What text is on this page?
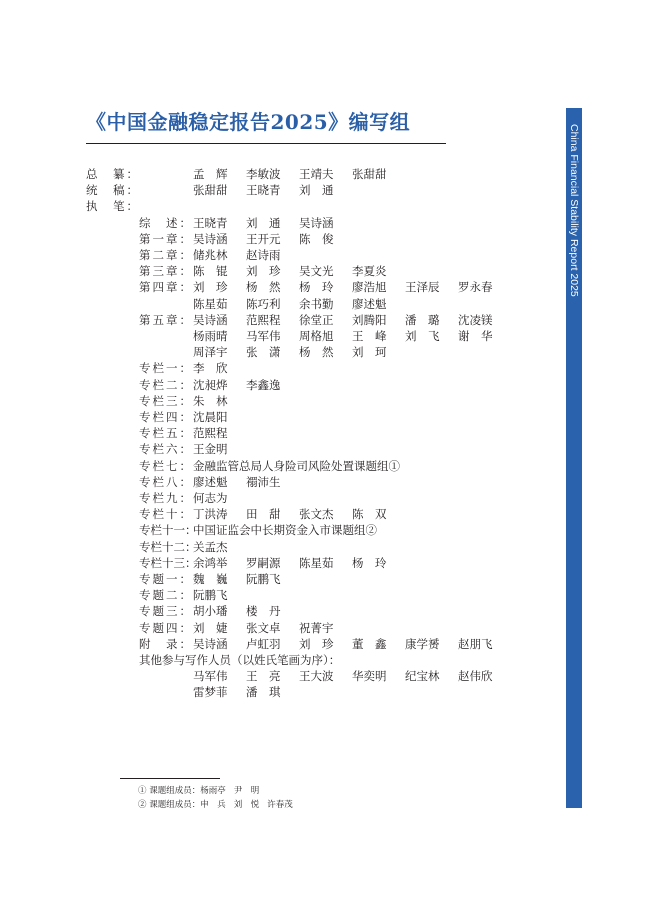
《中国金融稳定报告2025》编写组
China Financial Stability Report 2025
总　纂：	孟　辉 李敏波 王靖夫 张甜甜
统　稿：	张甜甜 王晓青 刘　通
执　笔：
综　述： 王晓青 刘　通 吴诗涵
第一章： 吴诗涵 王开元 陈　俊
第二章： 储兆林 赵诗雨
第三章： 陈　锟 刘　珍 吴文光 李夏炎
第四章： 刘　珍 杨　然 杨　玲 廖浩旭 王泽辰 罗永春
陈星茹 陈巧利 余书勤 廖述魁
第五章： 吴诗涵 范熙程 徐堂正 刘腾阳 潘　璐 沈凌镁
杨雨晴 马军伟 周格旭 王　峰 刘　飞 谢　华
周泽宇 张　潇 杨　然 刘　珂
专栏一： 李　欣
专栏二： 沈昶烨 李鑫逸
专栏三： 朱　林
专栏四： 沈晨阳
专栏五： 范熙程
专栏六： 王金明
专栏七： 金融监管总局人身险司风险处置课题组①
专栏八： 廖述魁 禤沛生
专栏九： 何志为
专栏十： 丁洪涛 田　甜 张文杰 陈　双
专栏十一：
中国证监会中长期资金入市课题组②
专栏十二：
关孟杰
专栏十三：
余鸿举 罗嗣源 陈星茹 杨　玲
专题一： 魏　巍 阮鹏飞
专题二： 阮鹏飞
专题三： 胡小璠 楼　丹
专题四： 刘　婕 张文卓 祝菁宇
附　录： 吴诗涵 卢虹羽 刘　珍 董　鑫 康学赟 赵朋飞
其他参与写作人员（以姓氏笔画为序）：
马军伟 王　亮 王大波 华奕明 纪宝林 赵伟欣
雷梦菲 潘　琪
① 课题组成员：杨雨亭 尹　明
② 课题组成员：申　兵 刘　悦 许春茂
